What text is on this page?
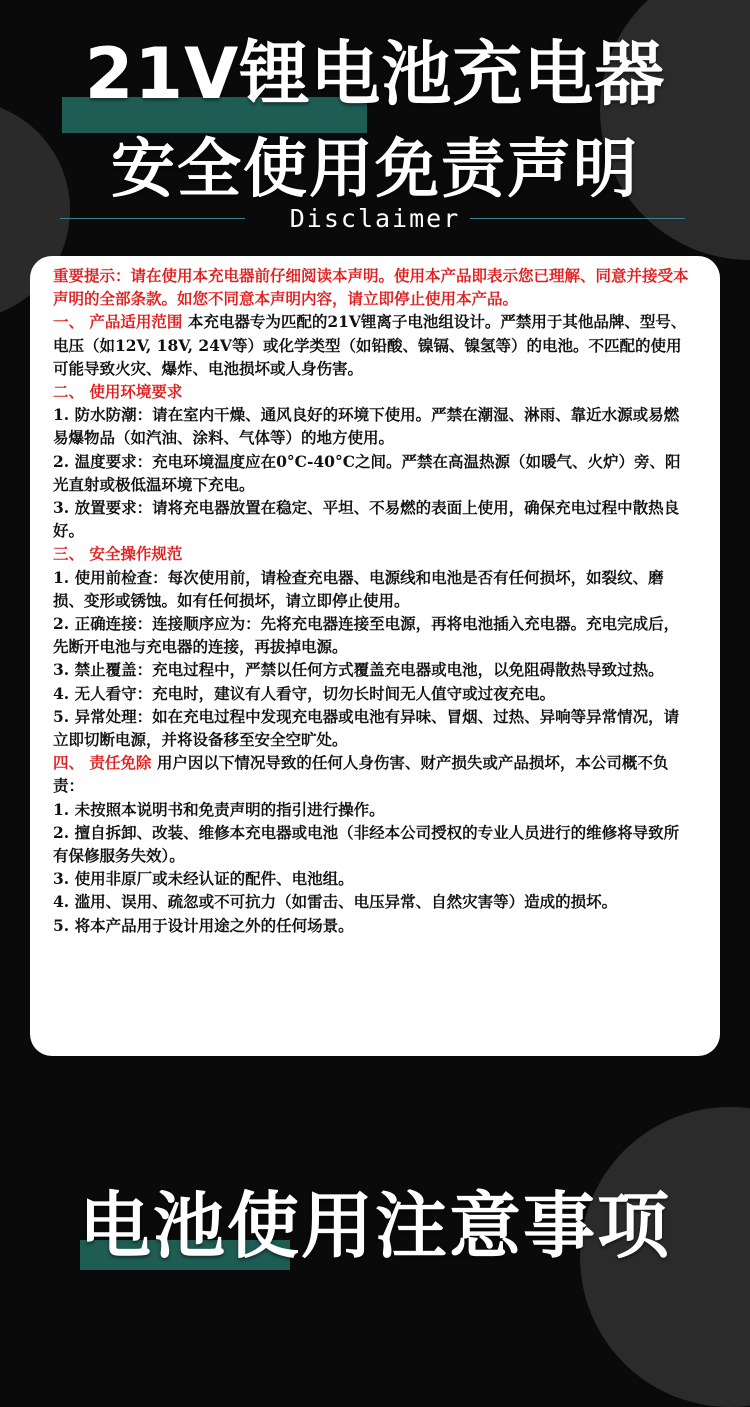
21V锂电池充电器
安全使用免责声明
Disclaimer

重要提示：请在使用本充电器前仔细阅读本声明。使用本产品即表示您已理解、同意并接受本声明的全部条款。如您不同意本声明内容，请立即停止使用本产品。

一、 产品适用范围 本充电器专为匹配的21V锂离子电池组设计。严禁用于其他品牌、型号、电压（如12V, 18V, 24V等）或化学类型（如铅酸、镍镉、镍氢等）的电池。不匹配的使用可能导致火灾、爆炸、电池损坏或人身伤害。

二、 使用环境要求

1. 防水防潮：请在室内干燥、通风良好的环境下使用。严禁在潮湿、淋雨、靠近水源或易燃易爆物品（如汽油、涂料、气体等）的地方使用。

2. 温度要求：充电环境温度应在0°C-40°C之间。严禁在高温热源（如暖气、火炉）旁、阳光直射或极低温环境下充电。

3. 放置要求：请将充电器放置在稳定、平坦、不易燃的表面上使用，确保充电过程中散热良好。

三、 安全操作规范

1. 使用前检查：每次使用前，请检查充电器、电源线和电池是否有任何损坏，如裂纹、磨损、变形或锈蚀。如有任何损坏，请立即停止使用。

2. 正确连接：连接顺序应为：先将充电器连接至电源，再将电池插入充电器。充电完成后，先断开电池与充电器的连接，再拔掉电源。

3. 禁止覆盖：充电过程中，严禁以任何方式覆盖充电器或电池，以免阻碍散热导致过热。

4. 无人看守：充电时，建议有人看守，切勿长时间无人值守或过夜充电。

5. 异常处理：如在充电过程中发现充电器或电池有异味、冒烟、过热、异响等异常情况，请立即切断电源，并将设备移至安全空旷处。

四、 责任免除 用户因以下情况导致的任何人身伤害、财产损失或产品损坏，本公司概不负责：

1. 未按照本说明书和免责声明的指引进行操作。

2. 擅自拆卸、改装、维修本充电器或电池（非经本公司授权的专业人员进行的维修将导致所有保修服务失效）。

3. 使用非原厂或未经认证的配件、电池组。

4. 滥用、误用、疏忽或不可抗力（如雷击、电压异常、自然灾害等）造成的损坏。

5. 将本产品用于设计用途之外的任何场景。

电池使用注意事项
